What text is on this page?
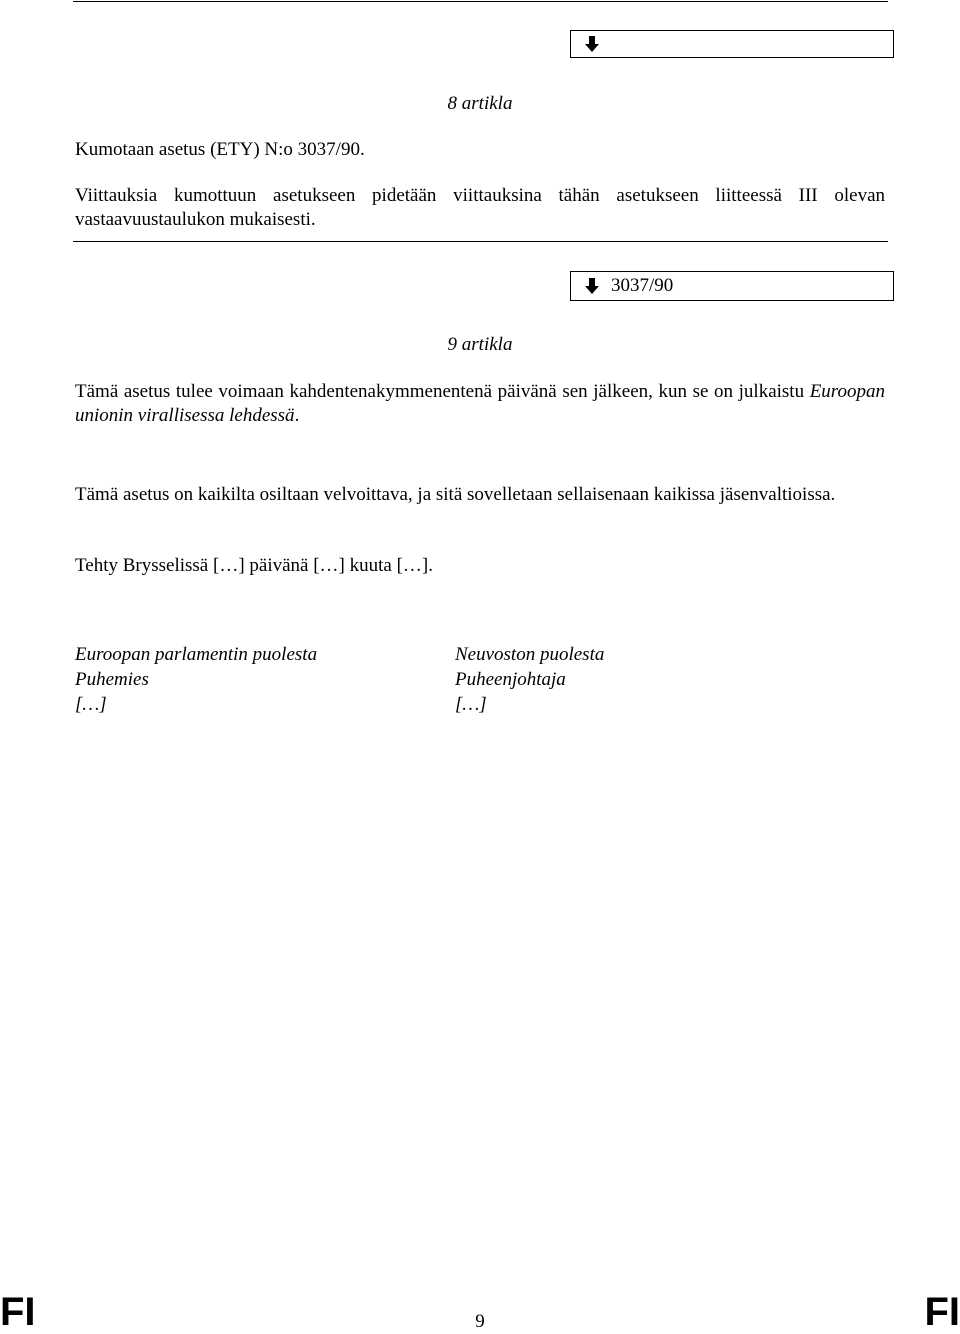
8 artikla
Kumotaan asetus (ETY) N:o 3037/90.
Viittauksia kumottuun asetukseen pidetään viittauksina tähän asetukseen liitteessä III olevan vastaavuustaulukon mukaisesti.
3037/90
9 artikla
Tämä asetus tulee voimaan kahdentenakymmenentenä päivänä sen jälkeen, kun se on julkaistu Euroopan unionin virallisessa lehdessä.
Tämä asetus on kaikilta osiltaan velvoittava, ja sitä sovelletaan sellaisenaan kaikissa jäsenvaltioissa.
Tehty Brysselissä […] päivänä […] kuuta […].
Euroopan parlamentin puolesta
Puhemies
[…]
Neuvoston puolesta
Puheenjohtaja
[…]
FI	9	FI
